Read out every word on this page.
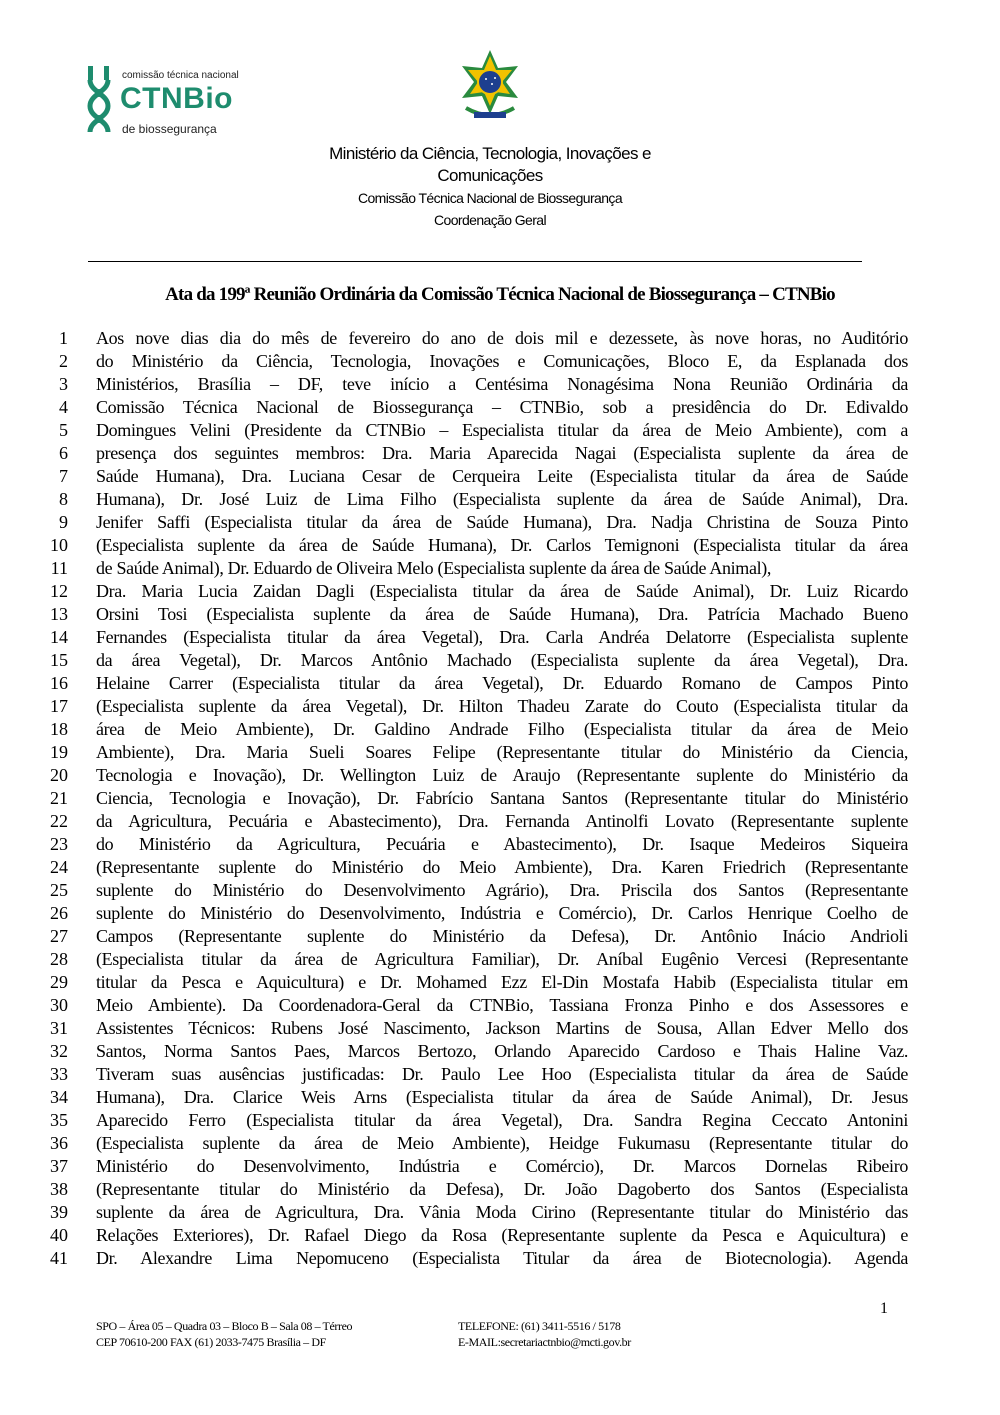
comissão técnica nacional
CTNBio
de biossegurança
Ministério da Ciência, Tecnologia, Inovações e
Comunicações
Comissão Técnica Nacional de Biossegurança
Coordenação Geral
Ata da 199ª Reunião Ordinária da Comissão Técnica Nacional de Biossegurança – CTNBio
1 Aos nove dias dia do mês de fevereiro do ano de dois mil e dezessete, às nove horas, no Auditório
2 do Ministério da Ciência, Tecnologia, Inovações e Comunicações, Bloco E, da Esplanada dos
3 Ministérios, Brasília – DF, teve início a Centésima Nonagésima Nona Reunião Ordinária da
4 Comissão Técnica Nacional de Biossegurança – CTNBio, sob a presidência do Dr. Edivaldo
5 Domingues Velini (Presidente da CTNBio – Especialista titular da área de Meio Ambiente), com a
6 presença dos seguintes membros: Dra. Maria Aparecida Nagai (Especialista suplente da área de
7 Saúde Humana), Dra. Luciana Cesar de Cerqueira Leite (Especialista titular da área de Saúde
8 Humana), Dr. José Luiz de Lima Filho (Especialista suplente da área de Saúde Animal), Dra.
9 Jenifer Saffi (Especialista titular da área de Saúde Humana), Dra. Nadja Christina de Souza Pinto
10 (Especialista suplente da área de Saúde Humana), Dr. Carlos Temignoni (Especialista titular da área
11 de Saúde Animal), Dr. Eduardo de Oliveira Melo (Especialista suplente da área de Saúde Animal),
12 Dra. Maria Lucia Zaidan Dagli (Especialista titular da área de Saúde Animal), Dr. Luiz Ricardo
13 Orsini Tosi (Especialista suplente da área de Saúde Humana), Dra. Patrícia Machado Bueno
14 Fernandes (Especialista titular da área Vegetal), Dra. Carla Andréa Delatorre (Especialista suplente
15 da área Vegetal), Dr. Marcos Antônio Machado (Especialista suplente da área Vegetal), Dra.
16 Helaine Carrer (Especialista titular da área Vegetal), Dr. Eduardo Romano de Campos Pinto
17 (Especialista suplente da área Vegetal), Dr. Hilton Thadeu Zarate do Couto (Especialista titular da
18 área de Meio Ambiente), Dr. Galdino Andrade Filho (Especialista titular da área de Meio
19 Ambiente), Dra. Maria Sueli Soares Felipe (Representante titular do Ministério da Ciencia,
20 Tecnologia e Inovação), Dr. Wellington Luiz de Araujo (Representante suplente do Ministério da
21 Ciencia, Tecnologia e Inovação), Dr. Fabrício Santana Santos (Representante titular do Ministério
22 da Agricultura, Pecuária e Abastecimento), Dra. Fernanda Antinolfi Lovato (Representante suplente
23 do Ministério da Agricultura, Pecuária e Abastecimento), Dr. Isaque Medeiros Siqueira
24 (Representante suplente do Ministério do Meio Ambiente), Dra. Karen Friedrich (Representante
25 suplente do Ministério do Desenvolvimento Agrário), Dra. Priscila dos Santos (Representante
26 suplente do Ministério do Desenvolvimento, Indústria e Comércio), Dr. Carlos Henrique Coelho de
27 Campos (Representante suplente do Ministério da Defesa), Dr. Antônio Inácio Andrioli
28 (Especialista titular da área de Agricultura Familiar), Dr. Aníbal Eugênio Vercesi (Representante
29 titular da Pesca e Aquicultura) e Dr. Mohamed Ezz El-Din Mostafa Habib (Especialista titular em
30 Meio Ambiente). Da Coordenadora-Geral da CTNBio, Tassiana Fronza Pinho e dos Assessores e
31 Assistentes Técnicos: Rubens José Nascimento, Jackson Martins de Sousa, Allan Edver Mello dos
32 Santos, Norma Santos Paes, Marcos Bertozo, Orlando Aparecido Cardoso e Thais Haline Vaz.
33 Tiveram suas ausências justificadas: Dr. Paulo Lee Hoo (Especialista titular da área de Saúde
34 Humana), Dra. Clarice Weis Arns (Especialista titular da área de Saúde Animal), Dr. Jesus
35 Aparecido Ferro (Especialista titular da área Vegetal), Dra. Sandra Regina Ceccato Antonini
36 (Especialista suplente da área de Meio Ambiente), Heidge Fukumasu (Representante titular do
37 Ministério do Desenvolvimento, Indústria e Comércio), Dr. Marcos Dornelas Ribeiro
38 (Representante titular do Ministério da Defesa), Dr. João Dagoberto dos Santos (Especialista
39 suplente da área de Agricultura, Dra. Vânia Moda Cirino (Representante titular do Ministério das
40 Relações Exteriores), Dr. Rafael Diego da Rosa (Representante suplente da Pesca e Aquicultura) e
41 Dr. Alexandre Lima Nepomuceno (Especialista Titular da área de Biotecnologia). Agenda
1
SPO – Área 05 – Quadra 03 – Bloco B – Sala 08 – Térreo
CEP 70610-200 FAX (61) 2033-7475 Brasília – DF
TELEFONE: (61) 3411-5516 / 5178
E-MAIL:secretariactnbio@mcti.gov.br
